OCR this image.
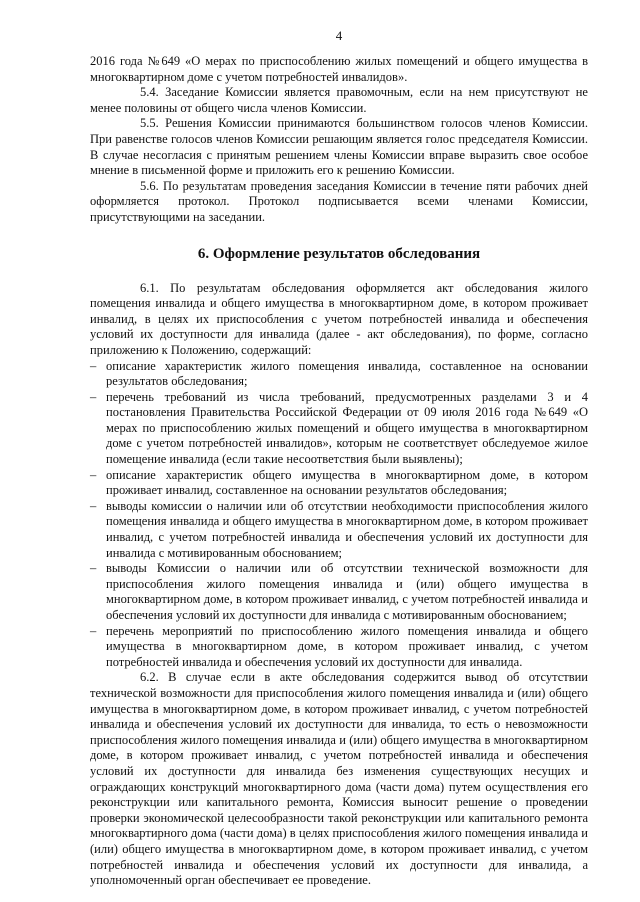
4

2016 года №649 «О мерах по приспособлению жилых помещений и общего имущества в многоквартирном доме с учетом потребностей инвалидов».

5.4. Заседание Комиссии является правомочным, если на нем присутствуют не менее половины от общего числа членов Комиссии.

5.5. Решения Комиссии принимаются большинством голосов членов Комиссии. При равенстве голосов членов Комиссии решающим является голос председателя Комиссии. В случае несогласия с принятым решением члены Комиссии вправе выразить свое особое мнение в письменной форме и приложить его к решению Комиссии.

5.6. По результатам проведения заседания Комиссии в течение пяти рабочих дней оформляется протокол. Протокол подписывается всеми членами Комиссии, присутствующими на заседании.

6. Оформление результатов обследования

6.1. По результатам обследования оформляется акт обследования жилого помещения инвалида и общего имущества в многоквартирном доме, в котором проживает инвалид, в целях их приспособления с учетом потребностей инвалида и обеспечения условий их доступности для инвалида (далее - акт обследования), по форме, согласно приложению к Положению, содержащий:

– описание характеристик жилого помещения инвалида, составленное на основании результатов обследования;
– перечень требований из числа требований, предусмотренных разделами 3 и 4 постановления Правительства Российской Федерации от 09 июля 2016 года №649 «О мерах по приспособлению жилых помещений и общего имущества в многоквартирном доме с учетом потребностей инвалидов», которым не соответствует обследуемое жилое помещение инвалида (если такие несоответствия были выявлены);
– описание характеристик общего имущества в многоквартирном доме, в котором проживает инвалид, составленное на основании результатов обследования;
– выводы комиссии о наличии или об отсутствии необходимости приспособления жилого помещения инвалида и общего имущества в многоквартирном доме, в котором проживает инвалид, с учетом потребностей инвалида и обеспечения условий их доступности для инвалида с мотивированным обоснованием;
– выводы Комиссии о наличии или об отсутствии технической возможности для приспособления жилого помещения инвалида и (или) общего имущества в многоквартирном доме, в котором проживает инвалид, с учетом потребностей инвалида и обеспечения условий их доступности для инвалида с мотивированным обоснованием;
– перечень мероприятий по приспособлению жилого помещения инвалида и общего имущества в многоквартирном доме, в котором проживает инвалид, с учетом потребностей инвалида и обеспечения условий их доступности для инвалида.

6.2. В случае если в акте обследования содержится вывод об отсутствии технической возможности для приспособления жилого помещения инвалида и (или) общего имущества в многоквартирном доме, в котором проживает инвалид, с учетом потребностей инвалида и обеспечения условий их доступности для инвалида, то есть о невозможности приспособления жилого помещения инвалида и (или) общего имущества в многоквартирном доме, в котором проживает инвалид, с учетом потребностей инвалида и обеспечения условий их доступности для инвалида без изменения существующих несущих и ограждающих конструкций многоквартирного дома (части дома) путем осуществления его реконструкции или капитального ремонта, Комиссия выносит решение о проведении проверки экономической целесообразности такой реконструкции или капитального ремонта многоквартирного дома (части дома) в целях приспособления жилого помещения инвалида и (или) общего имущества в многоквартирном доме, в котором проживает инвалид, с учетом потребностей инвалида и обеспечения условий их доступности для инвалида, а уполномоченный орган обеспечивает ее проведение.
